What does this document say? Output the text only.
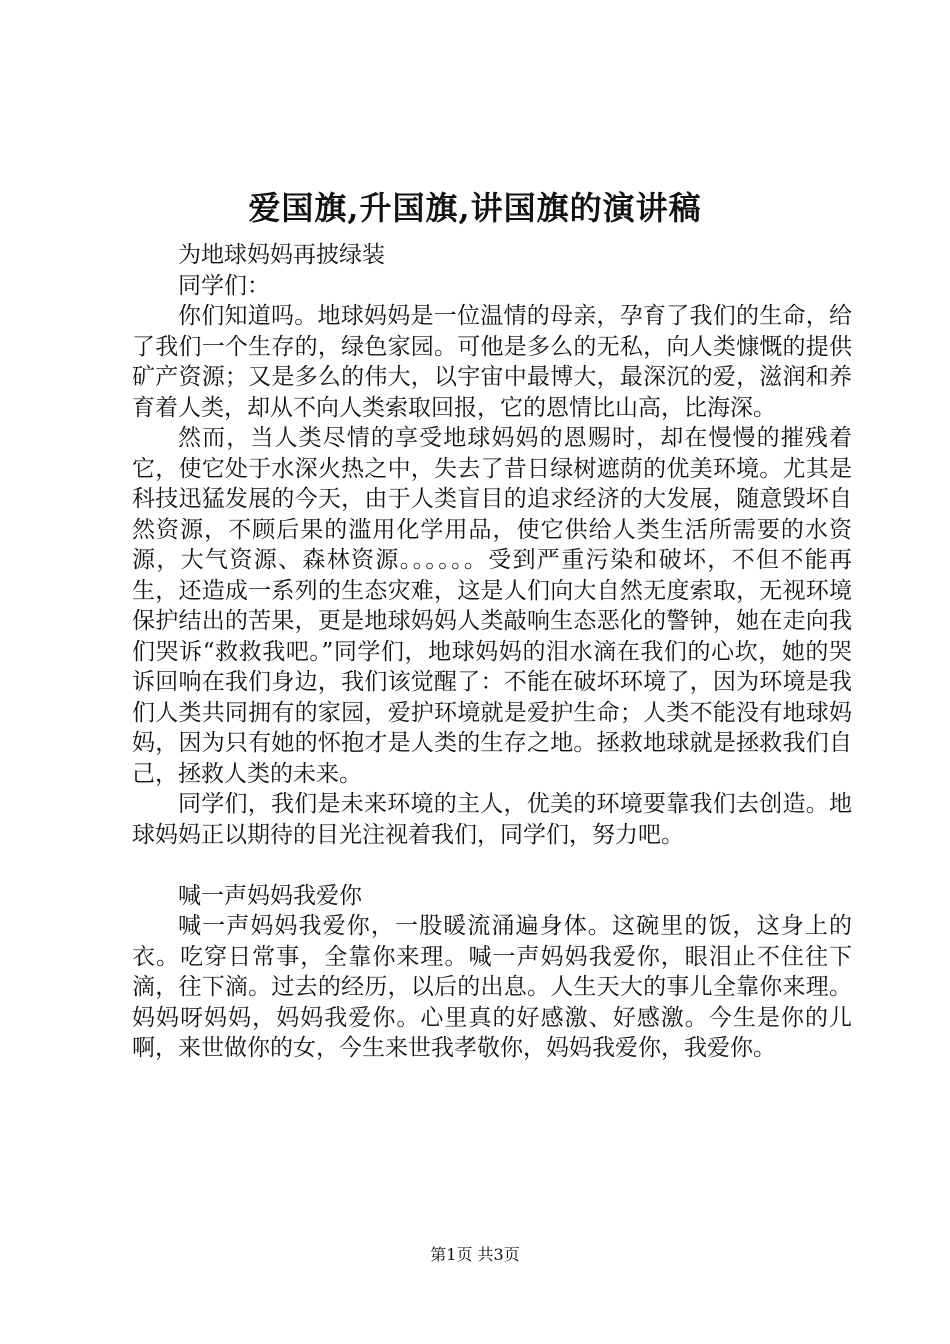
爱国旗,升国旗,讲国旗的演讲稿

为地球妈妈再披绿装

同学们：

你们知道吗。地球妈妈是一位温情的母亲，孕育了我们的生命，给了我们一个生存的，绿色家园。可他是多么的无私，向人类慷慨的提供矿产资源；又是多么的伟大，以宇宙中最博大，最深沉的爱，滋润和养育着人类，却从不向人类索取回报，它的恩情比山高，比海深。

然而，当人类尽情的享受地球妈妈的恩赐时，却在慢慢的摧残着它，使它处于水深火热之中，失去了昔日绿树遮荫的优美环境。尤其是科技迅猛发展的今天，由于人类盲目的追求经济的大发展，随意毁坏自然资源，不顾后果的滥用化学用品，使它供给人类生活所需要的水资源，大气资源、森林资源。。。。。。受到严重污染和破坏，不但不能再生，还造成一系列的生态灾难，这是人们向大自然无度索取，无视环境保护结出的苦果，更是地球妈妈人类敲响生态恶化的警钟，她在走向我们哭诉“救救我吧。”同学们，地球妈妈的泪水滴在我们的心坎，她的哭诉回响在我们身边，我们该觉醒了：不能在破坏环境了，因为环境是我们人类共同拥有的家园，爱护环境就是爱护生命；人类不能没有地球妈妈，因为只有她的怀抱才是人类的生存之地。拯救地球就是拯救我们自己，拯救人类的未来。

同学们，我们是未来环境的主人，优美的环境要靠我们去创造。地球妈妈正以期待的目光注视着我们，同学们，努力吧。

喊一声妈妈我爱你

喊一声妈妈我爱你，一股暖流涌遍身体。这碗里的饭，这身上的衣。吃穿日常事，全靠你来理。喊一声妈妈我爱你，眼泪止不住往下滴，往下滴。过去的经历，以后的出息。人生天大的事儿全靠你来理。妈妈呀妈妈，妈妈我爱你。心里真的好感激、好感激。今生是你的儿啊，来世做你的女，今生来世我孝敬你，妈妈我爱你，我爱你。

第1页 共3页
